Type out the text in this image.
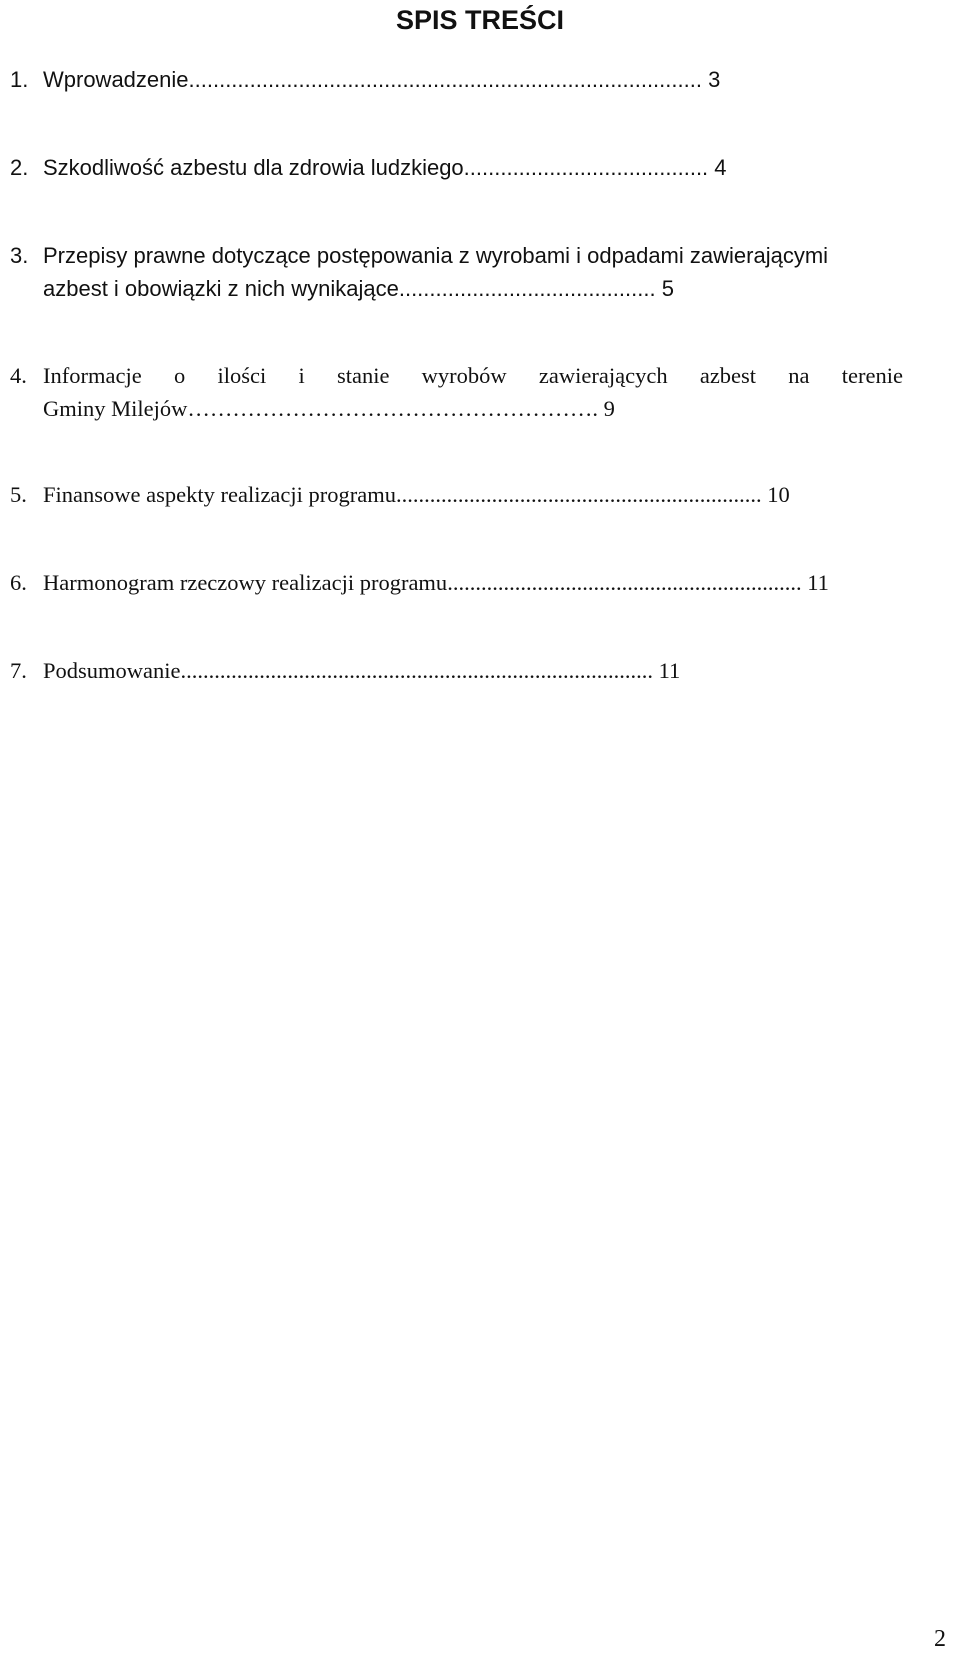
SPIS TREŚCI
1. Wprowadzenie.................................................................................... 3
2. Szkodliwość azbestu dla zdrowia ludzkiego........................................ 4
3. Przepisy prawne dotyczące postępowania z wyrobami i odpadami zawierającymi
azbest i obowiązki z nich wynikające.......................................... 5
4. Informacje o ilości i stanie wyrobów zawierających azbest na terenie
Gminy Milejów………………………………………………. 9
5. Finansowe aspekty realizacji programu................................................................. 10
6. Harmonogram rzeczowy realizacji programu............................................................... 11
7. Podsumowanie.................................................................................... 11
2
